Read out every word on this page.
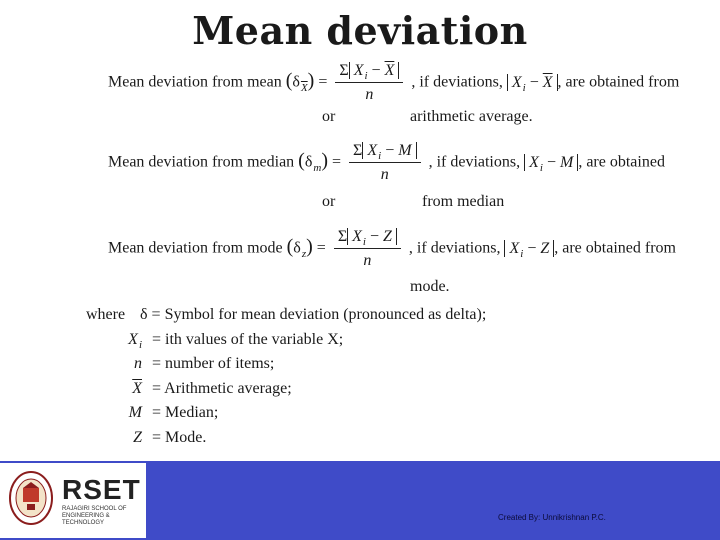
Mean deviation
Mean deviation from mean $(\delta_{\overline{X}}) = \frac{\Sigma X_i - \overline{X}}{n}$ , if deviations, $X_i - \overline{X}$ , are obtained from
or	arithmetic average.
Mean deviation from median $(\delta_m) = \frac{\Sigma X_i - M}{n}$ , if deviations, $X_i - M$ , are obtained
or	from median
Mean deviation from mode $(\delta_z) = \frac{\Sigma X_i - Z}{n}$ , if deviations, $X_i - Z$ , are obtained from
mode.
where δ = Symbol for mean deviation (pronounced as delta);
$X_i$ = ith values of the variable X;
n = number of items;
$\overline{X}$ = Arithmetic average;
M = Median;
Z = Mode.
RSET
RAJAGIRI SCHOOL OF ENGINEERING & TECHNOLOGY
Created By: Unnikrishnan P.C.
